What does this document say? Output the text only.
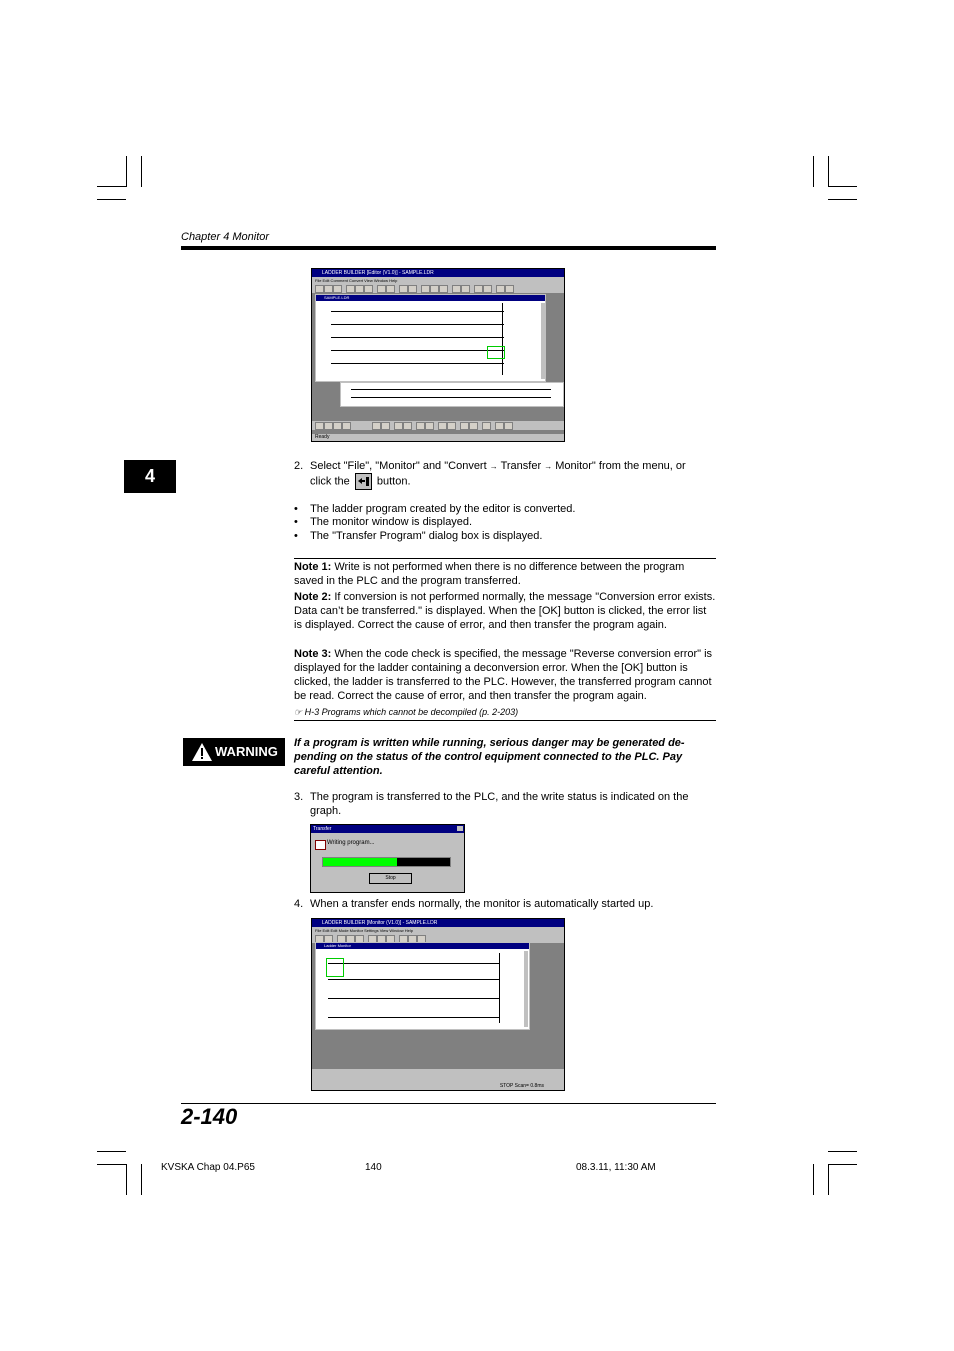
Chapter 4 Monitor
4
LADDER BUILDER [Editor (V1.0)] - SAMPLE.LDR
File Edit Comment Convert View Window Help
SAMPLE.LDR
Ready
2. Select "File", "Monitor" and "Convert → Transfer → Monitor" from the menu, or
click the button.
•    The ladder program created by the editor is converted.
•    The monitor window is displayed.
•    The "Transfer Program" dialog box is displayed.
Note 1: Write is not performed when there is no difference between the program saved in the PLC and the program transferred.
Note 2: If conversion is not performed normally, the message "Conversion error exists. Data can’t be transferred." is displayed. When the [OK] button is clicked, the error list is displayed. Correct the cause of error, and then transfer the program again.
Note 3: When the code check is specified, the message "Reverse conversion error" is displayed for the ladder containing a deconversion error. When the [OK] button is clicked, the ladder is transferred to the PLC. However, the transferred program cannot be read. Correct the cause of error, and then transfer the program again.
☞ H-3 Programs which cannot be decompiled (p. 2-203)
WARNING
If a program is written while running, serious danger may be generated de-pending on the status of the control equipment connected to the PLC. Pay careful attention.
3. The program is transferred to the PLC, and the write status is indicated on the graph.
Transfer
Writing program...
Stop
4. When a transfer ends normally, the monitor is automatically started up.
LADDER BUILDER [Monitor (V1.0)] - SAMPLE.LDR
File Edit Edit Mode Monitor Settings View Window Help
Ladder Monitor
STOP Scan= 0.8ms
2-140
KVSKA Chap 04.P65	140	08.3.11, 11:30 AM
